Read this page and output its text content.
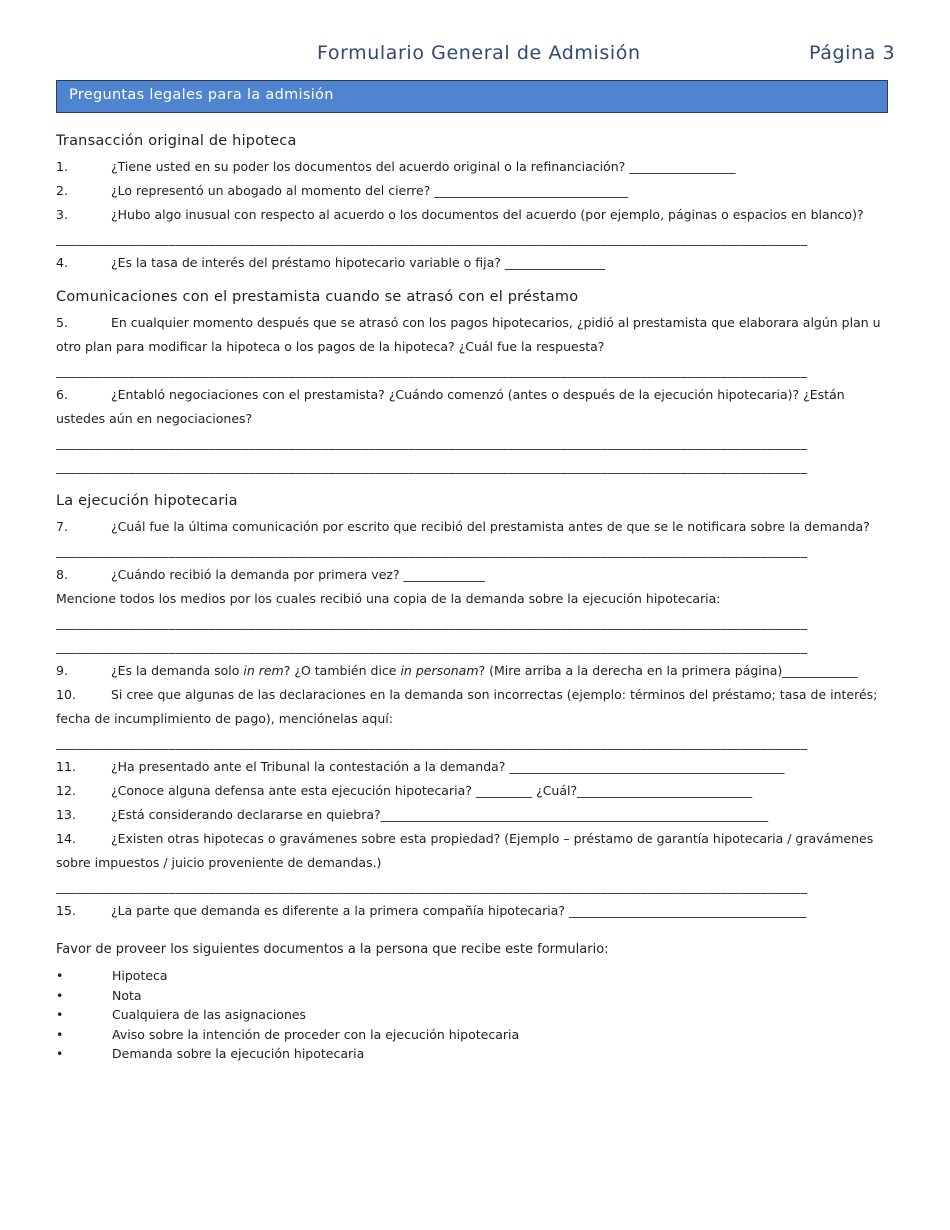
Formulario General de Admisión	Página 3
Preguntas legales para la admisión
Transacción original de hipoteca
1.	¿Tiene usted en su poder los documentos del acuerdo original o la refinanciación? _________________
2.	¿Lo representó un abogado al momento del cierre? _______________________________
3.	¿Hubo algo inusual con respecto al acuerdo o los documentos del acuerdo (por ejemplo, páginas o espacios en blanco)?
_________________________________________________________________________________________________________________
4.	¿Es la tasa de interés del préstamo hipotecario variable o fija? ________________
Comunicaciones con el prestamista cuando se atrasó con el préstamo
5.	En cualquier momento después que se atrasó con los pagos hipotecarios, ¿pidió al prestamista que elaborara algún plan u otro plan para modificar la hipoteca o los pagos de la hipoteca? ¿Cuál fue la respuesta?
_________________________________________________________________________________________________________________
6.	¿Entabló negociaciones con el prestamista? ¿Cuándo comenzó (antes o después de la ejecución hipotecaria)? ¿Están ustedes aún en negociaciones?
_________________________________________________________________________________________________________________
_________________________________________________________________________________________________________________
La ejecución hipotecaria
7.	¿Cuál fue la última comunicación por escrito que recibió del prestamista antes de que se le notificara sobre la demanda?
_________________________________________________________________________________________________________________
8.	¿Cuándo recibió la demanda por primera vez? _____________
Mencione todos los medios por los cuales recibió una copia de la demanda sobre la ejecución hipotecaria:
_________________________________________________________________________________________________________________
_________________________________________________________________________________________________________________
9.	¿Es la demanda solo in rem? ¿O también dice in personam? (Mire arriba a la derecha en la primera página)____________
10.	Si cree que algunas de las declaraciones en la demanda son incorrectas (ejemplo: términos del préstamo; tasa de interés; fecha de incumplimiento de pago), menciónelas aquí:
_________________________________________________________________________________________________________________
11.	¿Ha presentado ante el Tribunal la contestación a la demanda? ____________________________________________
12.	¿Conoce alguna defensa ante esta ejecución hipotecaria? _________ ¿Cuál?____________________________
13.	¿Está considerando declararse en quiebra?______________________________________________________________
14.	¿Existen otras hipotecas o gravámenes sobre esta propiedad? (Ejemplo – préstamo de garantía hipotecaria / gravámenes sobre impuestos / juicio proveniente de demandas.)
_________________________________________________________________________________________________________________
15.	¿La parte que demanda es diferente a la primera compañía hipotecaria? ______________________________________
Favor de proveer los siguientes documentos a la persona que recibe este formulario:
•	Hipoteca
•	Nota
•	Cualquiera de las asignaciones
•	Aviso sobre la intención de proceder con la ejecución hipotecaria
•	Demanda sobre la ejecución hipotecaria
